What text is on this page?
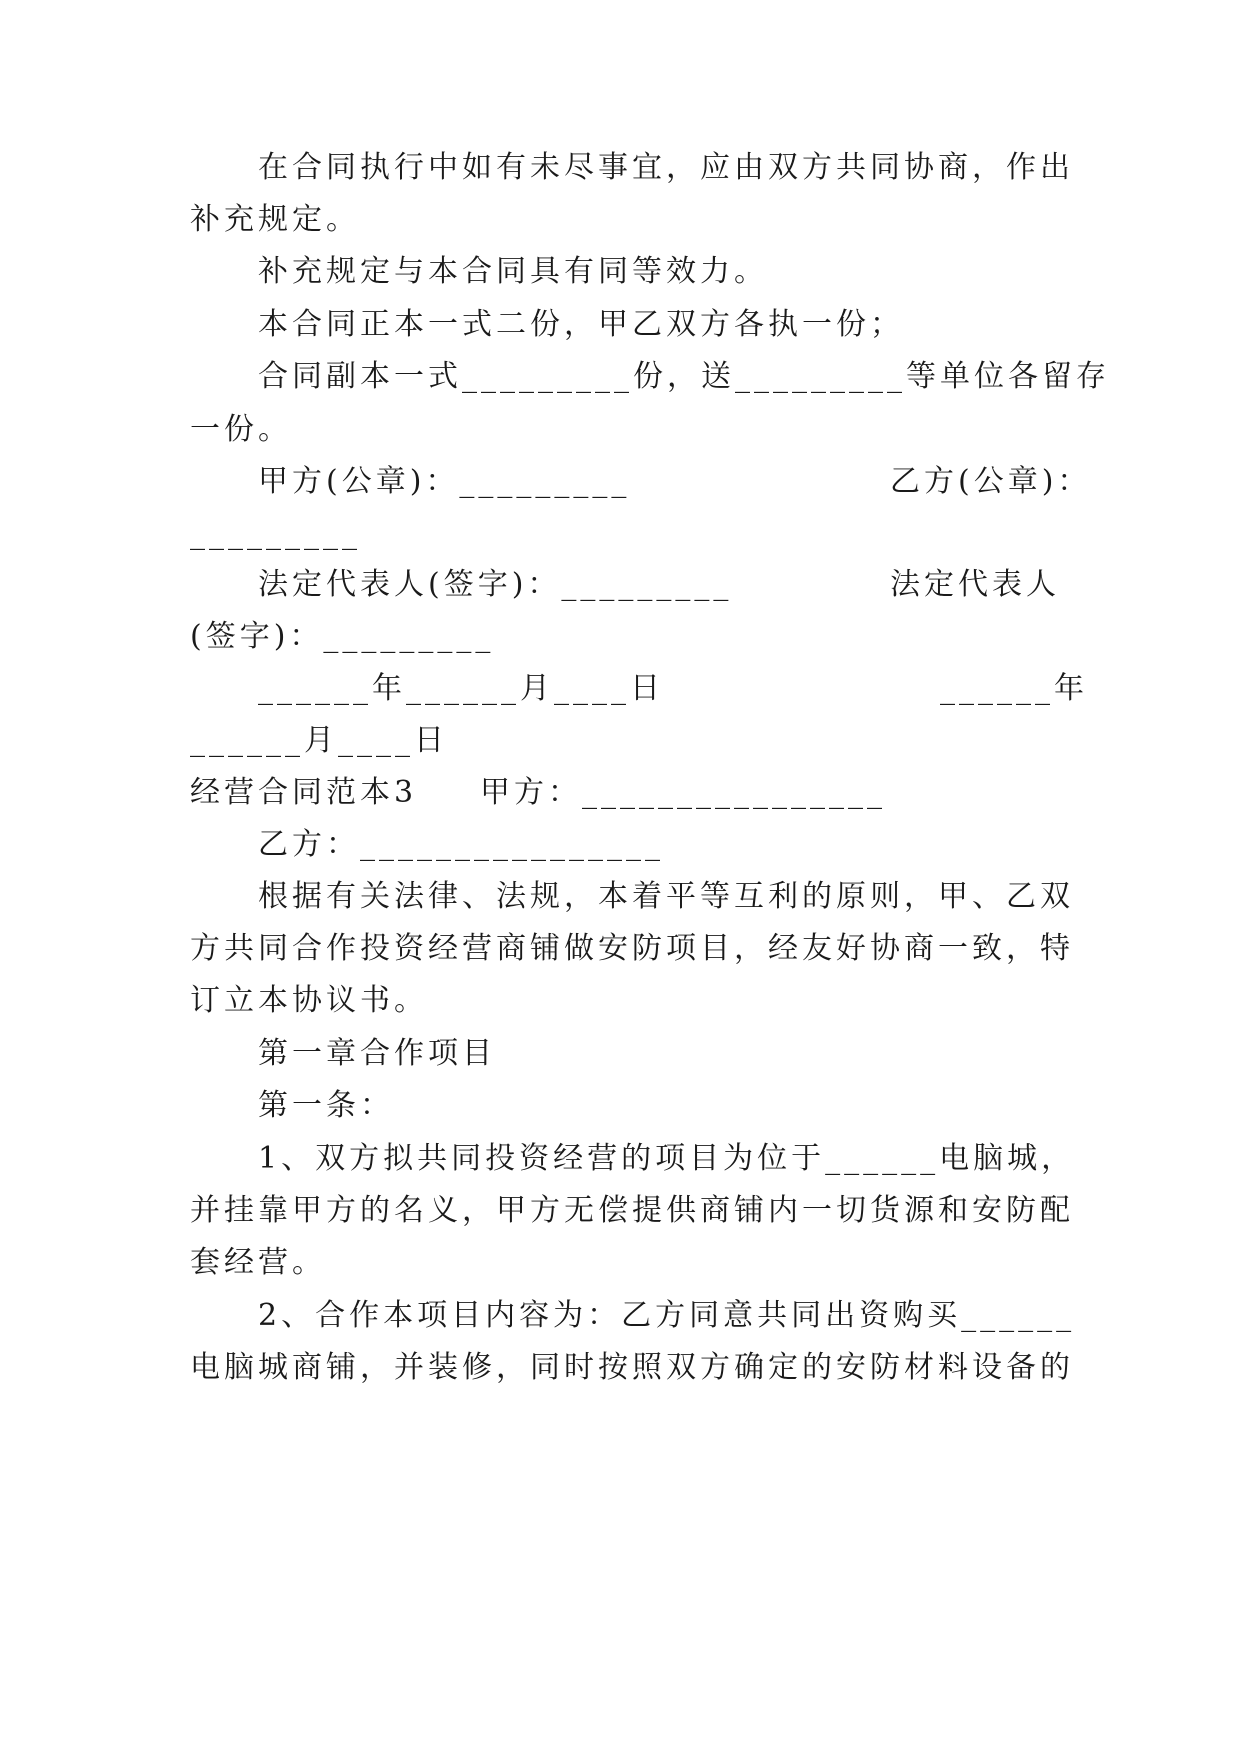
在合同执行中如有未尽事宜，应由双方共同协商，作出
补充规定。
补充规定与本合同具有同等效力。
本合同正本一式二份，甲乙双方各执一份；
合同副本一式_________份，送_________等单位各留存
一份。
甲方(公章)：_________	乙方(公章)：
_________
法定代表人(签字)：_________	法定代表人
(签字)：_________
______年______月____日	______年
______月____日
经营合同范本3 甲方：________________
乙方：________________
根据有关法律、法规，本着平等互利的原则，甲、乙双
方共同合作投资经营商铺做安防项目，经友好协商一致，特
订立本协议书。
第一章合作项目
第一条：
1、双方拟共同投资经营的项目为位于______电脑城，
并挂靠甲方的名义，甲方无偿提供商铺内一切货源和安防配
套经营。
2、合作本项目内容为：乙方同意共同出资购买______
电脑城商铺，并装修，同时按照双方确定的安防材料设备的
